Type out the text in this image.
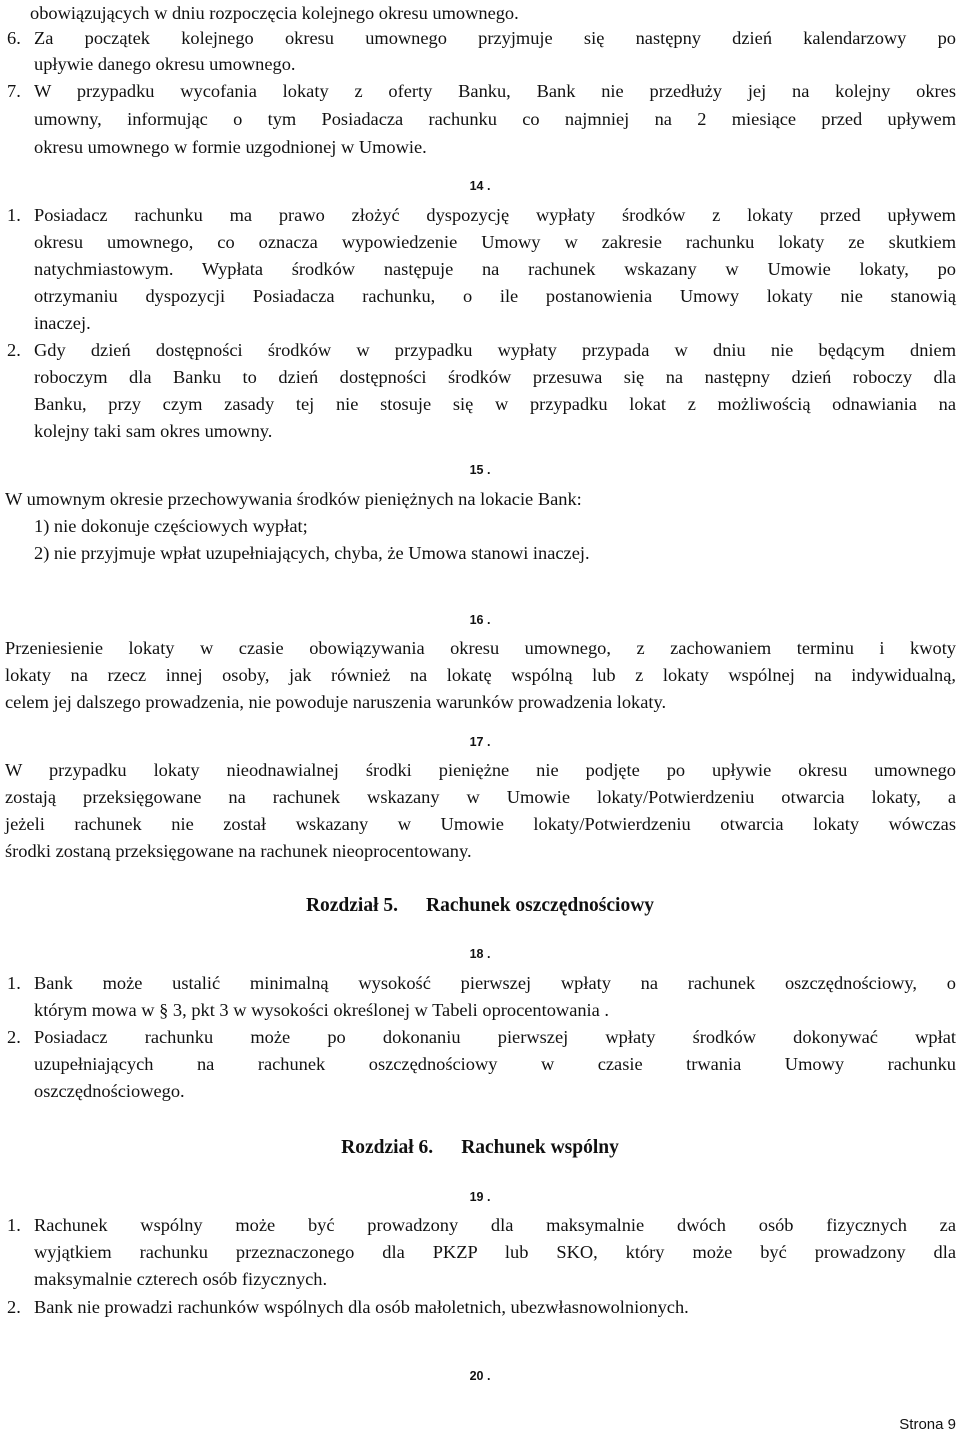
obowiązujących w dniu rozpoczęcia kolejnego okresu umownego.
6. Za początek kolejnego okresu umownego przyjmuje się następny dzień kalendarzowy po
upływie danego okresu umownego.
7. W przypadku wycofania lokaty z oferty Banku, Bank nie przedłuży jej na kolejny okres
umowny, informując o tym Posiadacza rachunku co najmniej na 2 miesiące przed upływem
okresu umownego w formie uzgodnionej w Umowie.
1. Posiadacz rachunku ma prawo złożyć dyspozycję wypłaty środków z lokaty przed upływem
okresu umownego, co oznacza wypowiedzenie Umowy w zakresie rachunku lokaty ze skutkiem
natychmiastowym. Wypłata środków następuje na rachunek wskazany w Umowie lokaty, po
otrzymaniu dyspozycji Posiadacza rachunku, o ile postanowienia Umowy lokaty nie stanowią
inaczej.
2. Gdy dzień dostępności środków w przypadku wypłaty przypada w dniu nie będącym dniem
roboczym dla Banku to dzień dostępności środków przesuwa się na następny dzień roboczy dla
Banku, przy czym zasady tej nie stosuje się w przypadku lokat z możliwością odnawiania na
kolejny taki sam okres umowny.
W umownym okresie przechowywania środków pieniężnych na lokacie Bank:
1) nie dokonuje częściowych wypłat;
2) nie przyjmuje wpłat uzupełniających, chyba, że Umowa stanowi inaczej.
Przeniesienie lokaty w czasie obowiązywania okresu umownego, z zachowaniem terminu i kwoty
lokaty na rzecz innej osoby, jak również na lokatę wspólną lub z lokaty wspólnej na indywidualną,
celem jej dalszego prowadzenia, nie powoduje naruszenia warunków prowadzenia lokaty.
W przypadku lokaty nieodnawialnej środki pieniężne nie podjęte po upływie okresu umownego
zostają przeksięgowane na rachunek wskazany w Umowie lokaty/Potwierdzeniu otwarcia lokaty, a
jeżeli rachunek nie został wskazany w Umowie lokaty/Potwierdzeniu otwarcia lokaty wówczas
środki zostaną przeksięgowane na rachunek nieoprocentowany.
1. Bank może ustalić minimalną wysokość pierwszej wpłaty na rachunek oszczędnościowy, o
którym mowa w § 3, pkt 3 w wysokości określonej w Tabeli oprocentowania .
2. Posiadacz rachunku może po dokonaniu pierwszej wpłaty środków dokonywać wpłat
uzupełniających na rachunek oszczędnościowy w czasie trwania Umowy rachunku
oszczędnościowego.
1. Rachunek wspólny może być prowadzony dla maksymalnie dwóch osób fizycznych za
wyjątkiem rachunku przeznaczonego dla PKZP lub SKO, który może być prowadzony dla
maksymalnie czterech osób fizycznych.
2. Bank nie prowadzi rachunków wspólnych dla osób małoletnich, ubezwłasnowolnionych.
14 .
15 .
16 .
17 .
18 .
19 .
20 .
Rozdział 5. Rachunek oszczędnościowy
Rozdział 6. Rachunek wspólny
Strona 9
